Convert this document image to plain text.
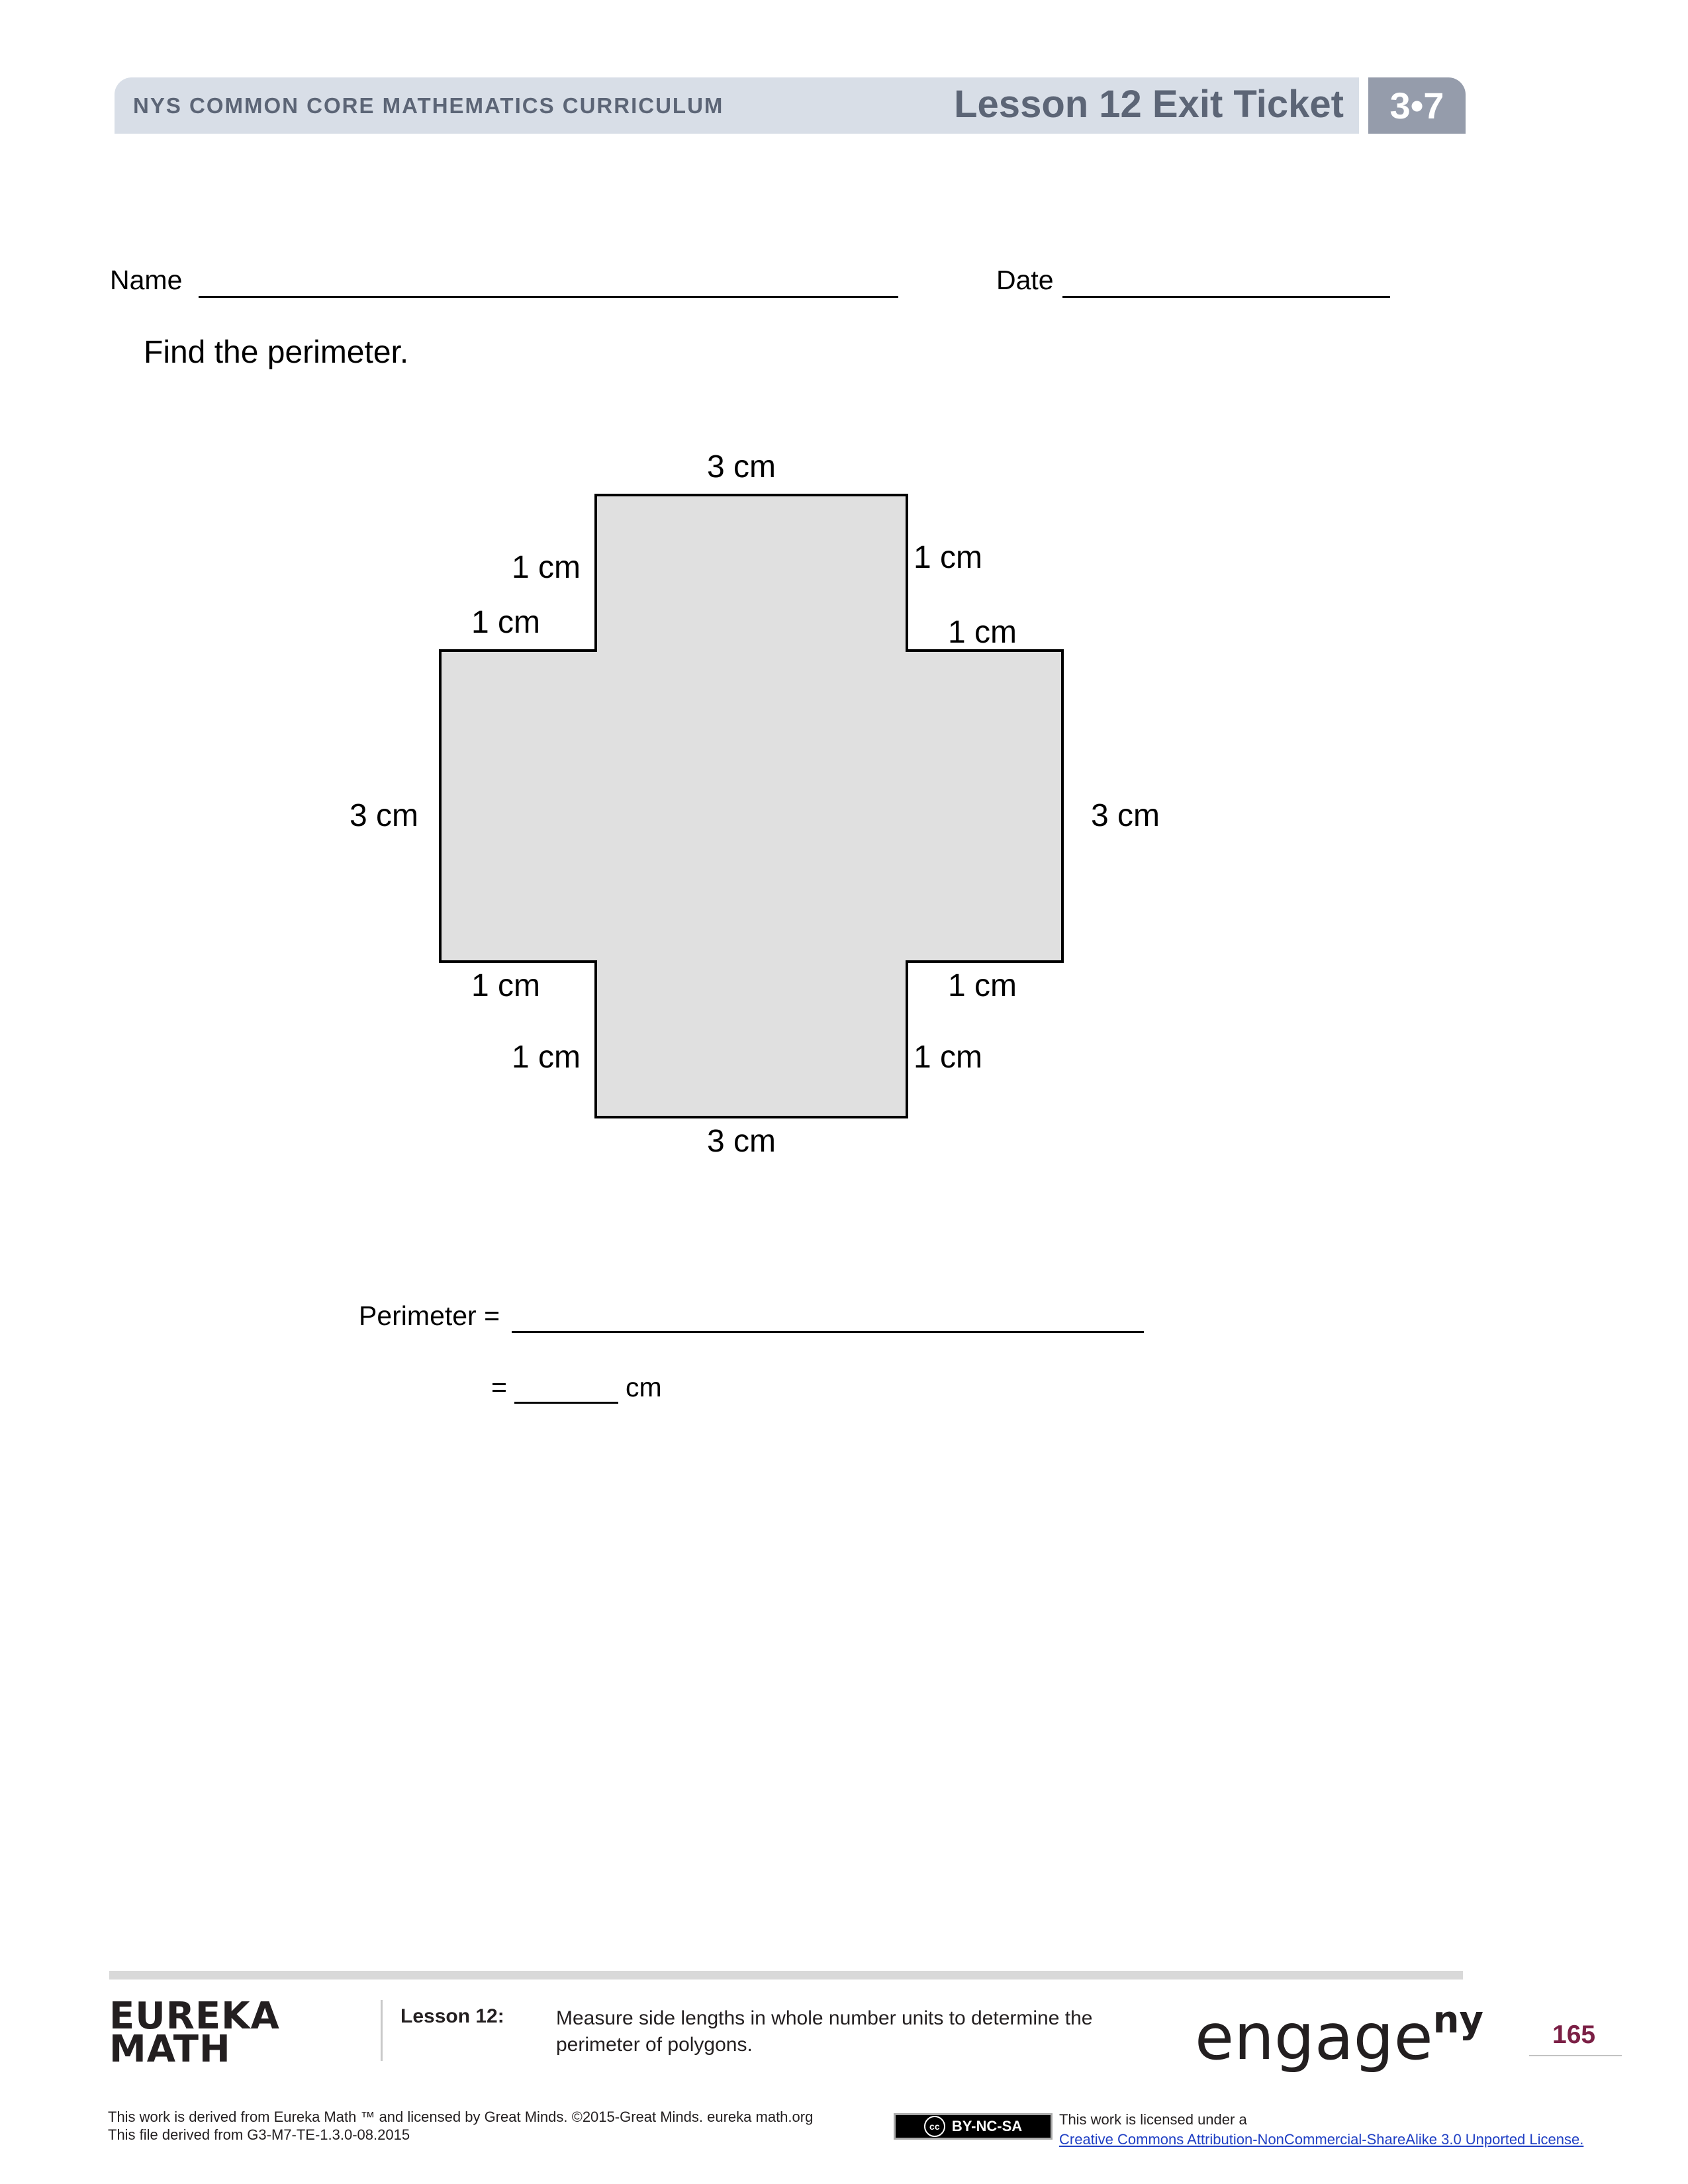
NYS COMMON CORE MATHEMATICS CURRICULUM	Lesson 12 Exit Ticket	3•7
Name	Date
Find the perimeter.
3 cm
1 cm
1 cm
1 cm
1 cm
3 cm	3 cm
1 cm
1 cm
1 cm
1 cm
3 cm
Perimeter =
=	cm
EUREKA
MATH
Lesson 12:	Measure side lengths in whole number units to determine the perimeter of polygons.	engage$^{ny}$	165
This work is derived from Eureka Math ™ and licensed by Great Minds. ©2015-Great Minds. eureka math.org
This file derived from G3-M7-TE-1.3.0-08.2015	cc BY-NC-SA	This work is licensed under a
Creative Commons Attribution-NonCommercial-ShareAlike 3.0 Unported License.
